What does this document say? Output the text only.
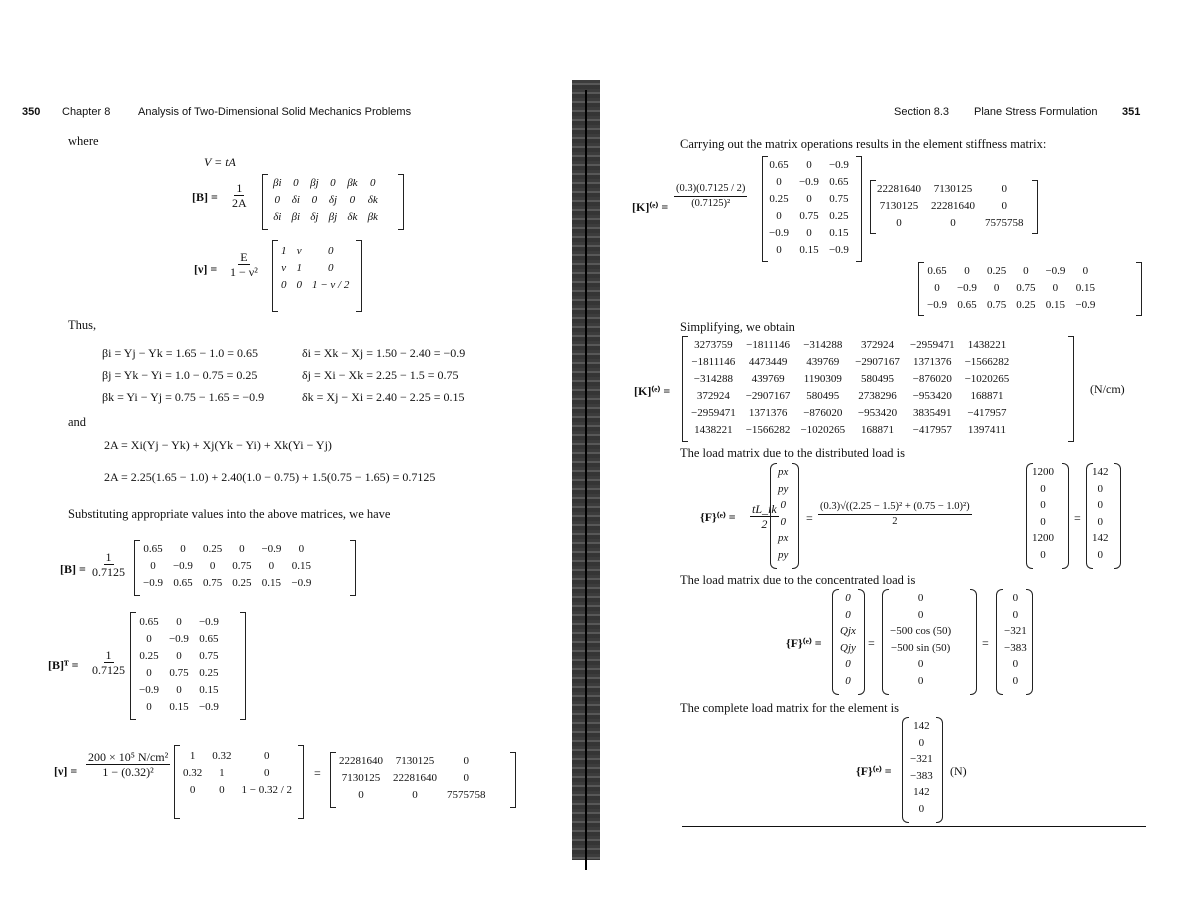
350 Chapter 8	Analysis of Two-Dimensional Solid Mechanics Problems
where
V = tA
$[B] = \frac{1}{2A}$ βi	0	βj	0	βk	0
0	δi	0	δj	0	δk
δi	βi	δj	βj	δk	βk
$[\nu] = \frac{E}{\text{1 − ν²}} 1$	ν	0
ν	1	0
0	0	1 − ν / 2
Thus,
βi = Yj − Yk = 1.65 − 1.0 = 0.65
βj = Yk − Yi = 1.0 − 0.75 = 0.25
βk = Yi − Yj = 0.75 − 1.65 = −0.9
δi = Xk − Xj = 1.50 − 2.40 = −0.9
δj = Xi − Xk = 2.25 − 1.5 = 0.75
δk = Xj − Xi = 2.40 − 2.25 = 0.15
and
2A = Xi(Yj − Yk) + Xj(Yk − Yi) + Xk(Yi − Yj)
2A = 2.25(1.65 − 1.0) + 2.40(1.0 − 0.75) + 1.5(0.75 − 1.65) = 0.7125
Substituting appropriate values into the above matrices, we have
$[B] = \frac{1}{0.7125}$
0.65	0	0.25	0	−0.9	0
0	−0.9	0	0.75	0	0.15
−0.9	0.65	0.75	0.25	0.15	−0.9
[B]ᵀ = $\frac{1}{0.7125}$
0.65	0	−0.9
0	−0.9	0.65
0.25	0	0.75
0	0.75	0.25
−0.9	0	0.15
0	0.15	−0.9
$[\nu] = \frac{\text{200 × 10⁵ N/cm²}}{\text{1 − (0.32)²}} 1$	0.32	0
0.32	1	0
0	0	1 − 0.32 / 2
=
22281640	7130125	0
7130125	22281640	0
0	0	7575758
Section 8.3 Plane Stress Formulation 351
Carrying out the matrix operations results in the element stiffness matrix:
[K]⁽ᵉ⁾ = $\frac{(0.3)(0.7125 / 2)}{\text{(0.7125)²}}$
0.65	0	−0.9
0	−0.9	0.65
0.25	0	0.75
0	0.75	0.25
−0.9	0	0.15
0	0.15	−0.9
22281640	7130125	0
7130125	22281640	0
0	0	7575758
0.65	0	0.25	0	−0.9	0
0	−0.9	0	0.75	0	0.15
−0.9	0.65	0.75	0.25	0.15	−0.9
Simplifying, we obtain
[K]⁽ᵉ⁾ =
3273759	−1811146	−314288	372924	−2959471	1438221
−1811146	4473449	439769	−2907167	1371376	−1566282
−314288	439769	1190309	580495	−876020	−1020265
372924	−2907167	580495	2738296	−953420	168871
−2959471	1371376	−876020	−953420	3835491	−417957
1438221	−1566282	−1020265	168871	−417957	1397411
(N/cm)
The load matrix due to the distributed load is
{F}⁽ᵉ⁾ = $\frac{tL\_ik}{2}$
px
py
0
0
px
py
= $\frac{\text{(0.3)√((2.25 − 1.5)² + (0.75 − 1.0)²)}}{2}$
1200
0
0
0
1200
0
=
142
0
0
0
142
0
The load matrix due to the concentrated load is
{F}⁽ᵉ⁾ =
0
0
Qjx
Qjy
0
0
=
0
0
−500 cos (50)
−500 sin (50)
0
0
=
0
0
−321
−383
0
0
The complete load matrix for the element is
{F}⁽ᵉ⁾ =
142
0
−321
−383
142
0
(N)
